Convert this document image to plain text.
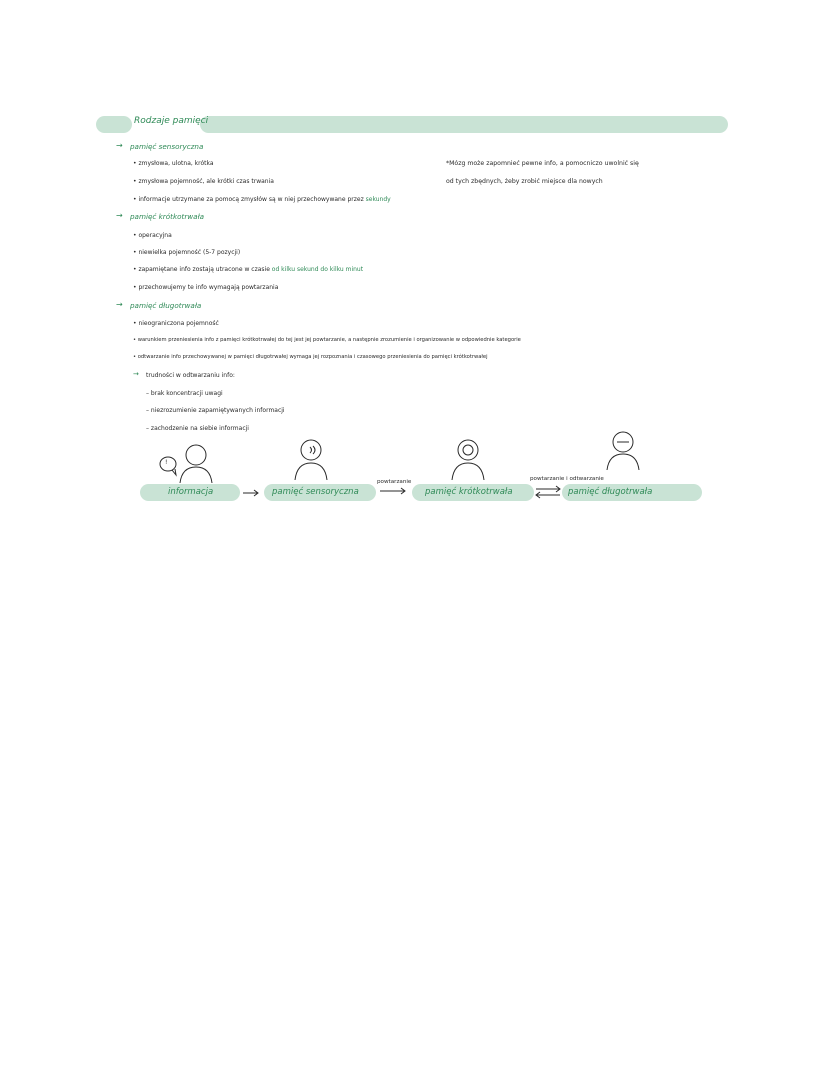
Rodzaje pamięci
→ pamięć sensoryczna
• zmysłowa, ulotna, krótka
• zmysłowa pojemność, ale krótki czas trwania
• informacje utrzymane za pomocą zmysłów są w niej przechowywane przez sekundy
*Mózg może zapomnieć pewne info, a pomocniczo uwolnić się
od tych zbędnych, żeby zrobić miejsce dla nowych
→ pamięć krótkotrwała
• operacyjna
• niewielka pojemność (5-7 pozycji)
• zapamiętane info zostają utracone w czasie od kilku sekund do kilku minut
• przechowujemy te info wymagają powtarzania
→ pamięć długotrwała
• nieograniczona pojemność
• warunkiem przeniesienia info z pamięci krótkotrwałej do tej jest jej powtarzanie, a następnie zrozumienie i organizowanie w odpowiednie kategorie
• odtwarzanie info przechowywanej w pamięci długotrwałej wymaga jej rozpoznania i czasowego przeniesienia do pamięci krótkotrwałej
→ trudności w odtwarzaniu info:
– brak koncentracji uwagi
– niezrozumienie zapamiętywanych informacji
– zachodzenie na siebie informacji
!
informacja	pamięć sensoryczna	pamięć krótkotrwała	pamięć długotrwała
powtarzanie	powtarzanie i odtwarzanie
